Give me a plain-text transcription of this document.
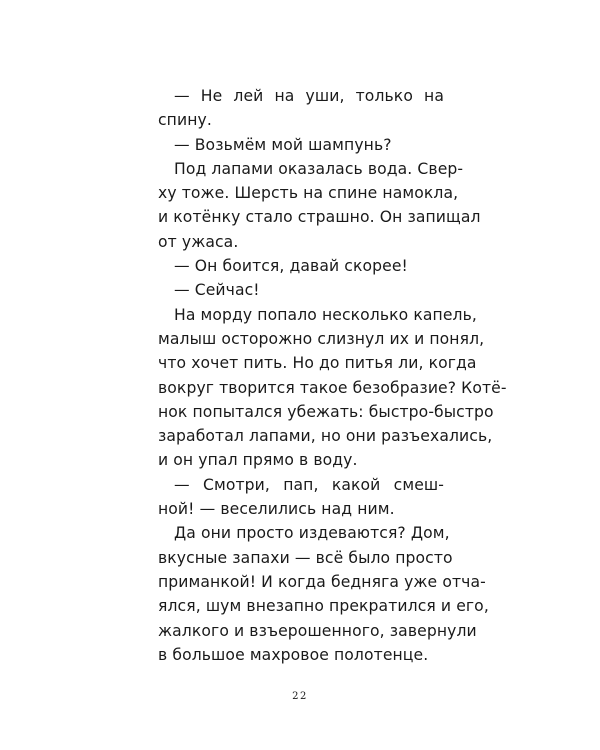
— Не лей на уши, только на
спину.
— Возьмём мой шампунь?
Под лапами оказалась вода. Свер-
ху тоже. Шерсть на спине намокла,
и котёнку стало страшно. Он запищал
от ужаса.
— Он боится, давай скорее!
— Сейчас!
На морду попало несколько капель,
малыш осторожно слизнул их и понял,
что хочет пить. Но до питья ли, когда
вокруг творится такое безобразие? Котё-
нок попытался убежать: быстро-быстро
заработал лапами, но они разъехались,
и он упал прямо в воду.
— Смотри, пап, какой смеш-
ной! — веселились над ним.
Да они просто издеваются? Дом,
вкусные запахи — всё было просто
приманкой! И когда бедняга уже отча-
ялся, шум внезапно прекратился и его,
жалкого и взъерошенного, завернули
в большое махровое полотенце.
22
